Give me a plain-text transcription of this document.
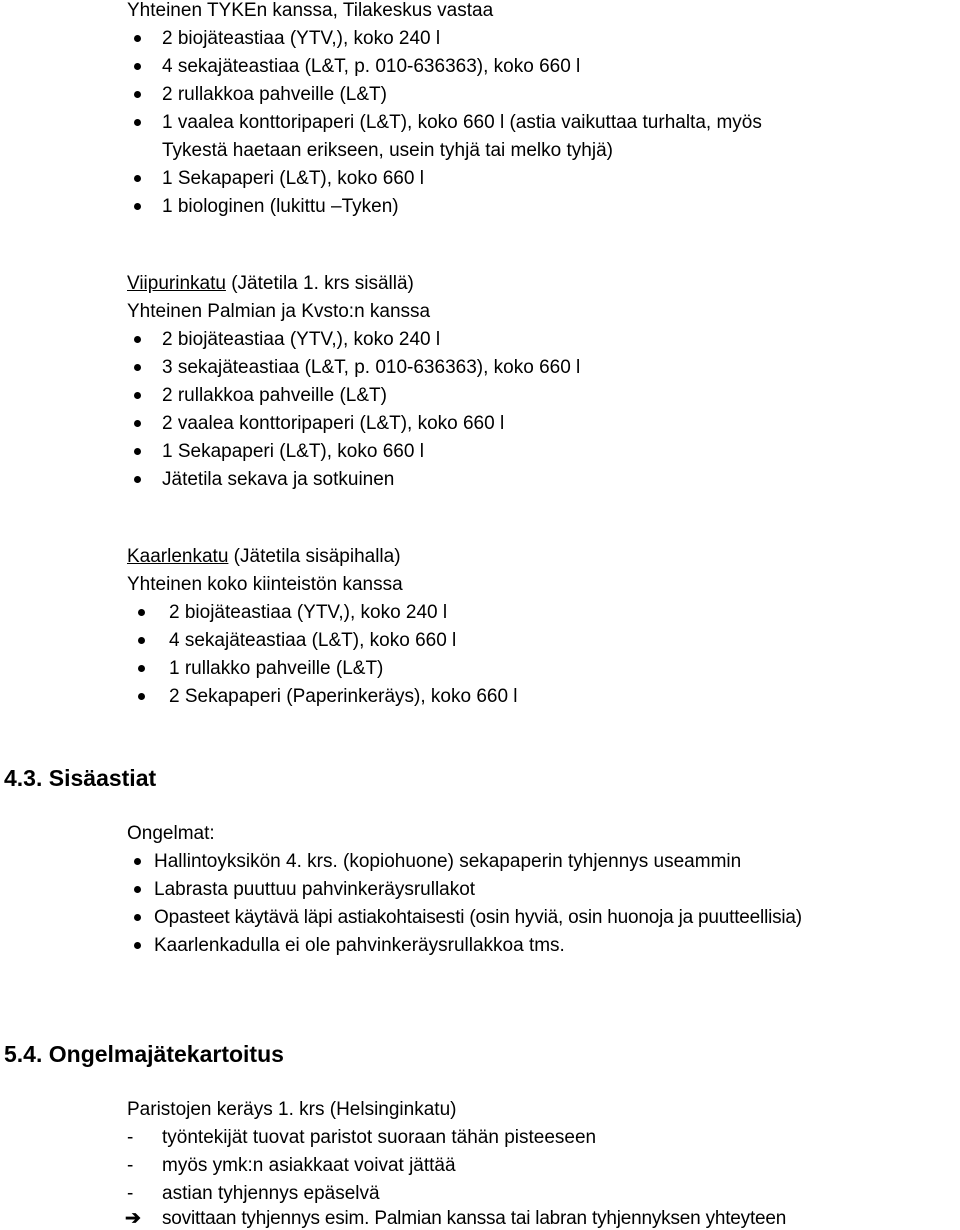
Yhteinen TYKEn kanssa, Tilakeskus vastaa
2 biojäteastiaa (YTV,), koko 240 l
4 sekajäteastiaa (L&T, p. 010-636363), koko 660 l
2 rullakkoa pahveille (L&T)
1 vaalea konttoripaperi (L&T), koko 660 l (astia vaikuttaa turhalta, myös
Tykestä haetaan erikseen, usein tyhjä tai melko tyhjä)
1 Sekapaperi (L&T), koko 660 l
1 biologinen (lukittu –Tyken)
Viipurinkatu (Jätetila 1. krs sisällä)
Yhteinen Palmian ja Kvsto:n kanssa
2 biojäteastiaa (YTV,), koko 240 l
3 sekajäteastiaa (L&T, p. 010-636363), koko 660 l
2 rullakkoa pahveille (L&T)
2 vaalea konttoripaperi (L&T), koko 660 l
1 Sekapaperi (L&T), koko 660 l
Jätetila sekava ja sotkuinen
Kaarlenkatu (Jätetila sisäpihalla)
Yhteinen koko kiinteistön kanssa
2 biojäteastiaa (YTV,), koko 240 l
4 sekajäteastiaa (L&T), koko 660 l
1 rullakko pahveille (L&T)
2 Sekapaperi (Paperinkeräys), koko 660 l
4.3. Sisäastiat
Ongelmat:
Hallintoyksikön 4. krs. (kopiohuone) sekapaperin tyhjennys useammin
Labrasta puuttuu pahvinkeräysrullakot
Opasteet käytävä läpi astiakohtaisesti (osin hyviä, osin huonoja ja puutteellisia)
Kaarlenkadulla ei ole pahvinkeräysrullakkoa tms.
5.4. Ongelmajätekartoitus
Paristojen keräys 1. krs (Helsinginkatu)
- työntekijät tuovat paristot suoraan tähän pisteeseen
- myös ymk:n asiakkaat voivat jättää
- astian tyhjennys epäselvä
➔ sovittaan tyhjennys esim. Palmian kanssa tai labran tyhjennyksen yhteyteen
